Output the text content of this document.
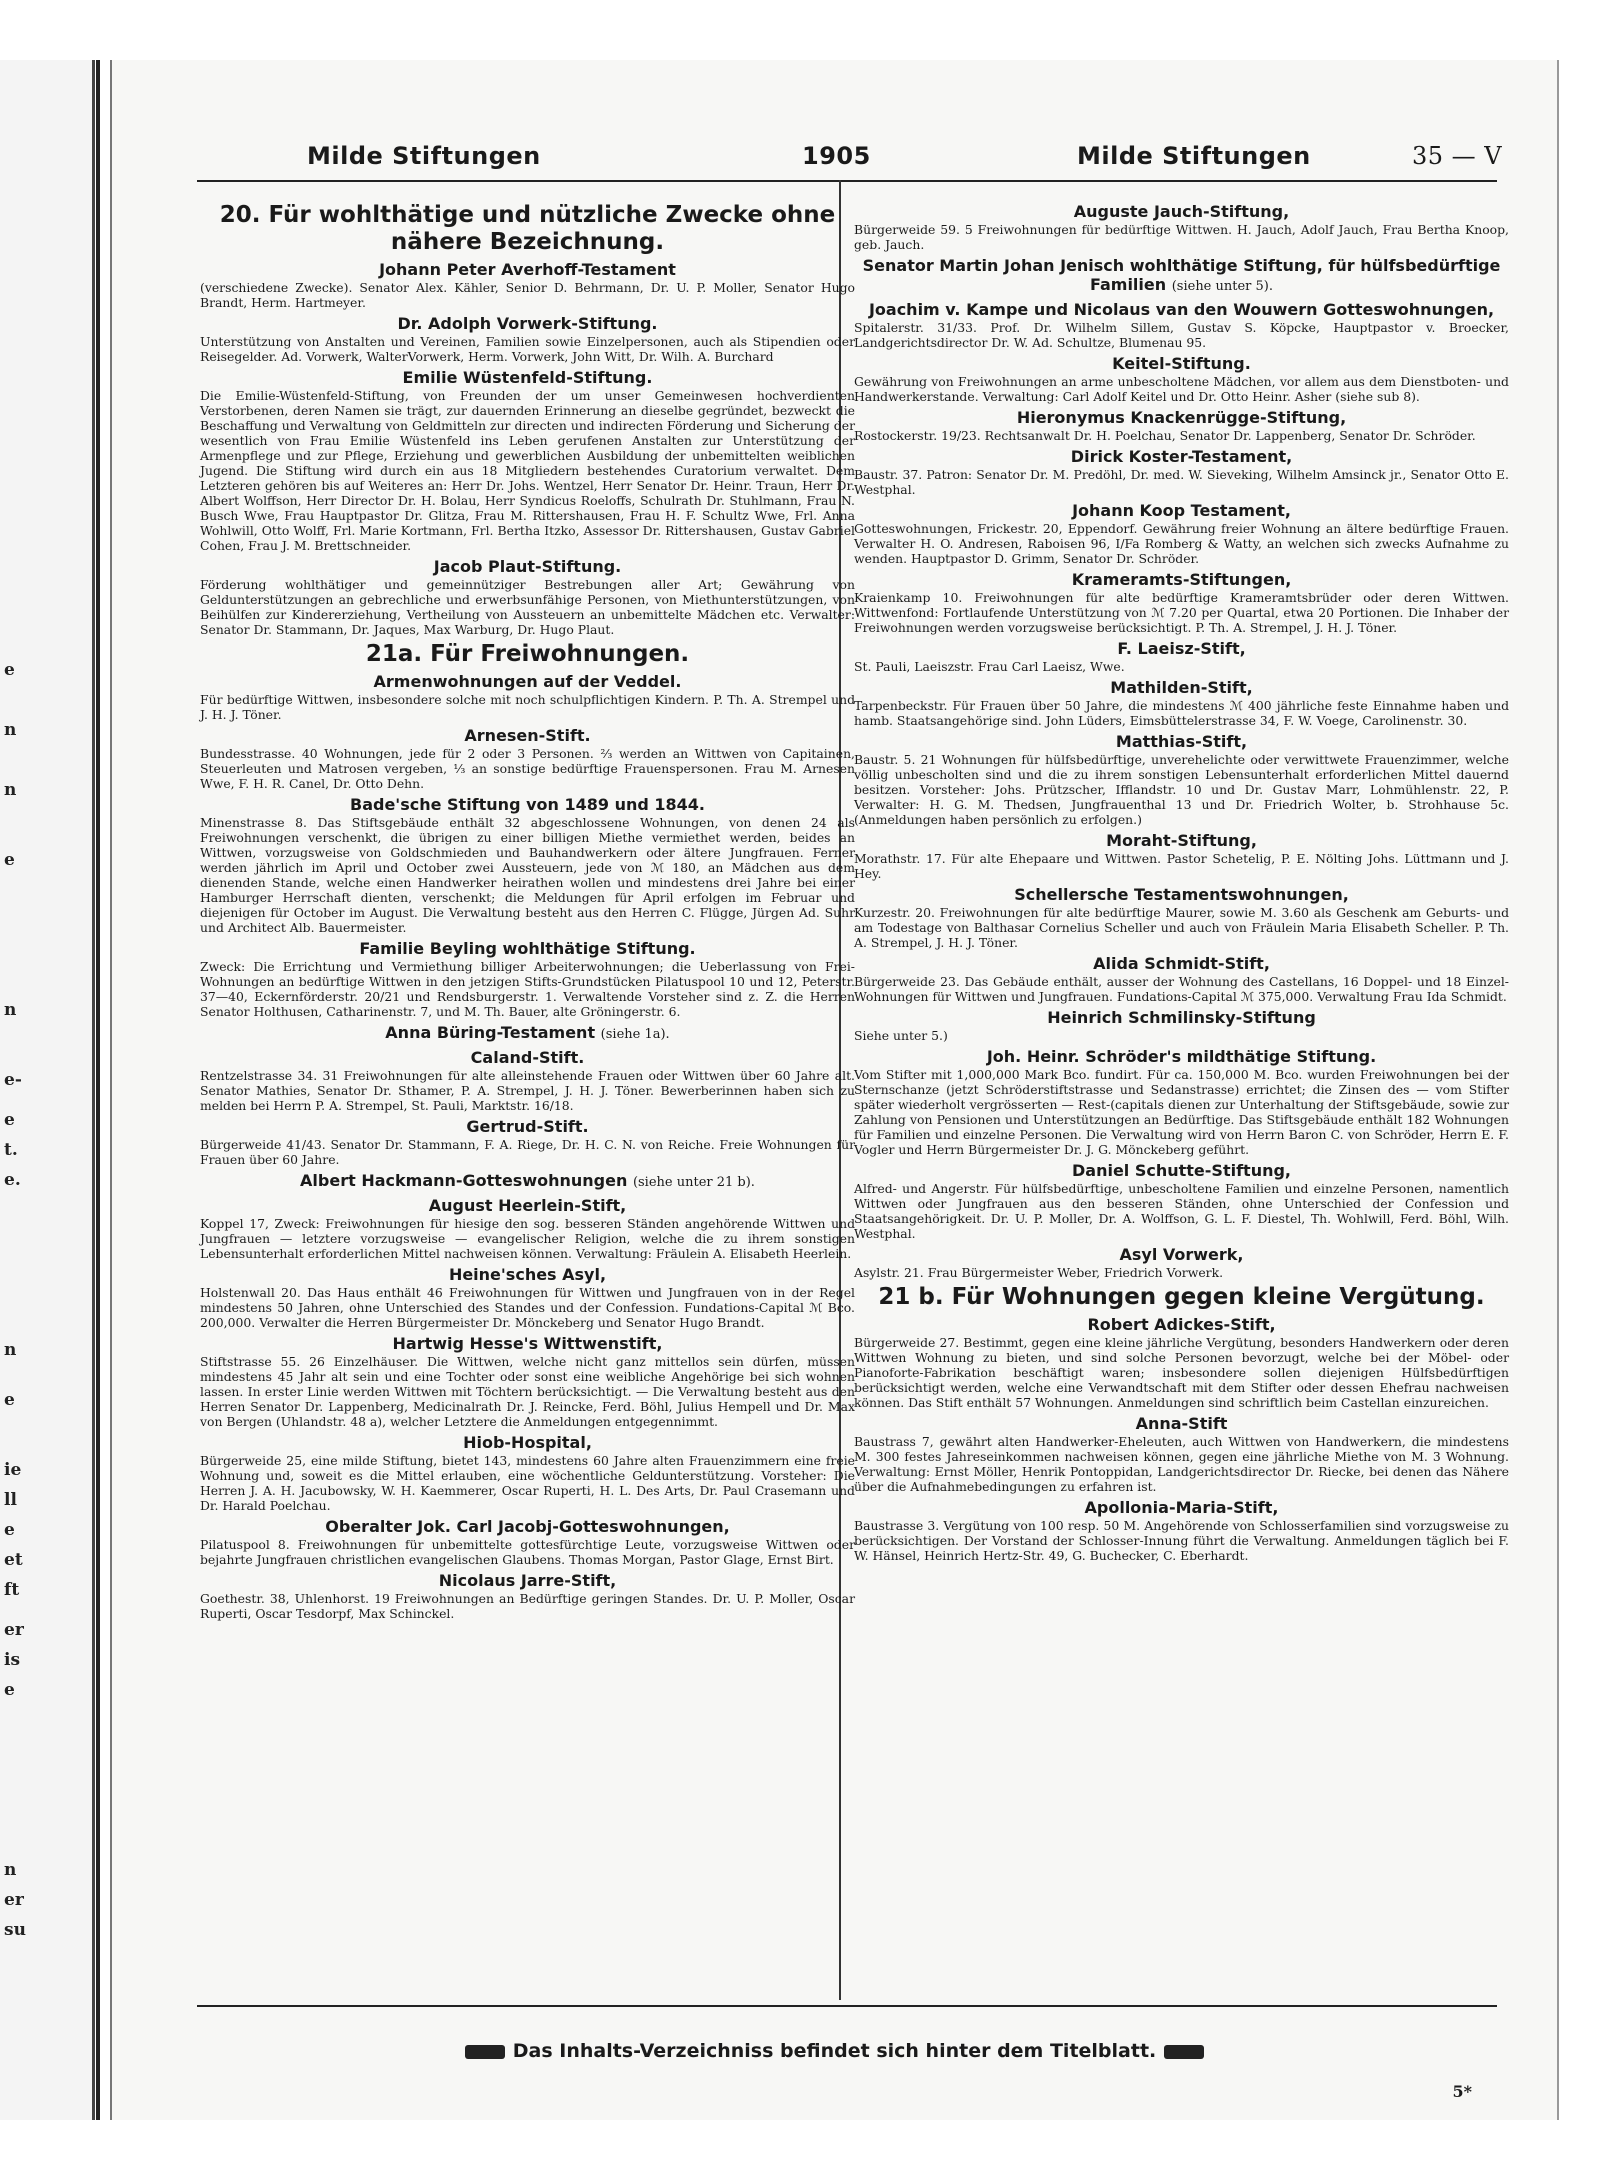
e
n
n
e
n
e-
e
t.
e.
n
e
ie
ll
e
et
ft
er
is
e
n
er
su
Milde Stiftungen	1905	Milde Stiftungen	35 — V
20. Für wohlthätige und nützliche Zwecke ohne nähere Bezeichnung.
Johann Peter Averhoff-Testament

(verschiedene Zwecke). Senator Alex. Kähler, Senior D. Behrmann, Dr. U. P. Moller, Senator Hugo Brandt, Herm. Hartmeyer.

Dr. Adolph Vorwerk-Stiftung.

Unterstützung von Anstalten und Vereinen, Familien sowie Einzelpersonen, auch als Stipendien oder Reisegelder. Ad. Vorwerk, WalterVorwerk, Herm. Vorwerk, John Witt, Dr. Wilh. A. Burchard

Emilie Wüstenfeld-Stiftung.

Die Emilie-Wüstenfeld-Stiftung, von Freunden der um unser Gemeinwesen hochverdienten Verstorbenen, deren Namen sie trägt, zur dauernden Erinnerung an dieselbe gegründet, bezweckt die Beschaffung und Verwaltung von Geldmitteln zur directen und indirecten Förderung und Sicherung der wesentlich von Frau Emilie Wüstenfeld ins Leben gerufenen Anstalten zur Unterstützung der Armenpflege und zur Pflege, Erziehung und gewerblichen Ausbildung der unbemittelten weiblichen Jugend. Die Stiftung wird durch ein aus 18 Mitgliedern bestehendes Curatorium verwaltet. Dem Letzteren gehören bis auf Weiteres an: Herr Dr. Johs. Wentzel, Herr Senator Dr. Heinr. Traun, Herr Dr. Albert Wolffson, Herr Director Dr. H. Bolau, Herr Syndicus Roeloffs, Schulrath Dr. Stuhlmann, Frau N. Busch Wwe, Frau Hauptpastor Dr. Glitza, Frau M. Rittershausen, Frau H. F. Schultz Wwe, Frl. Anna Wohlwill, Otto Wolff, Frl. Marie Kortmann, Frl. Bertha Itzko, Assessor Dr. Rittershausen, Gustav Gabriel Cohen, Frau J. M. Brettschneider.

Jacob Plaut-Stiftung.

Förderung wohlthätiger und gemeinnütziger Bestrebungen aller Art; Gewährung von Geldunterstützungen an gebrechliche und erwerbsunfähige Personen, von Miethunterstützungen, von Beihülfen zur Kindererziehung, Vertheilung von Aussteuern an unbemittelte Mädchen etc. Verwalter: Senator Dr. Stammann, Dr. Jaques, Max Warburg, Dr. Hugo Plaut.

21a. Für Freiwohnungen.
Armenwohnungen auf der Veddel.

Für bedürftige Wittwen, insbesondere solche mit noch schulpflichtigen Kindern. P. Th. A. Strempel und J. H. J. Töner.

Arnesen-Stift.

Bundesstrasse. 40 Wohnungen, jede für 2 oder 3 Personen. ⅔ werden an Wittwen von Capitainen, Steuerleuten und Matrosen vergeben, ⅓ an sonstige bedürftige Frauenspersonen. Frau M. Arnesen Wwe, F. H. R. Canel, Dr. Otto Dehn.

Bade'sche Stiftung von 1489 und 1844.

Minenstrasse 8. Das Stiftsgebäude enthält 32 abgeschlossene Wohnungen, von denen 24 als Freiwohnungen verschenkt, die übrigen zu einer billigen Miethe vermiethet werden, beides an Wittwen, vorzugsweise von Goldschmieden und Bauhandwerkern oder ältere Jungfrauen. Ferner werden jährlich im April und October zwei Aussteuern, jede von ℳ 180, an Mädchen aus dem dienenden Stande, welche einen Handwerker heirathen wollen und mindestens drei Jahre bei einer Hamburger Herrschaft dienten, verschenkt; die Meldungen für April erfolgen im Februar und diejenigen für October im August. Die Verwaltung besteht aus den Herren C. Flügge, Jürgen Ad. Suhr und Architect Alb. Bauermeister.

Familie Beyling wohlthätige Stiftung.

Zweck: Die Errichtung und Vermiethung billiger Arbeiterwohnungen; die Ueberlassung von Frei-Wohnungen an bedürftige Wittwen in den jetzigen Stifts-Grundstücken Pilatuspool 10 und 12, Peterstr. 37—40, Eckernförderstr. 20/21 und Rendsburgerstr. 1. Verwaltende Vorsteher sind z. Z. die Herren Senator Holthusen, Catharinenstr. 7, und M. Th. Bauer, alte Gröningerstr. 6.

Anna Büring-Testament (siehe 1a).
Caland-Stift.

Rentzelstrasse 34. 31 Freiwohnungen für alte alleinstehende Frauen oder Wittwen über 60 Jahre alt. Senator Mathies, Senator Dr. Sthamer, P. A. Strempel, J. H. J. Töner. Bewerberinnen haben sich zu melden bei Herrn P. A. Strempel, St. Pauli, Marktstr. 16/18.

Gertrud-Stift.

Bürgerweide 41/43. Senator Dr. Stammann, F. A. Riege, Dr. H. C. N. von Reiche. Freie Wohnungen für Frauen über 60 Jahre.

Albert Hackmann-Gotteswohnungen (siehe unter 21 b).
August Heerlein-Stift,

Koppel 17, Zweck: Freiwohnungen für hiesige den sog. besseren Ständen angehörende Wittwen und Jungfrauen — letztere vorzugsweise — evangelischer Religion, welche die zu ihrem sonstigen Lebensunterhalt erforderlichen Mittel nachweisen können. Verwaltung: Fräulein A. Elisabeth Heerlein.

Heine'sches Asyl,

Holstenwall 20. Das Haus enthält 46 Freiwohnungen für Wittwen und Jungfrauen von in der Regel mindestens 50 Jahren, ohne Unterschied des Standes und der Confession. Fundations-Capital ℳ Bco. 200,000. Verwalter die Herren Bürgermeister Dr. Mönckeberg und Senator Hugo Brandt.

Hartwig Hesse's Wittwenstift,

Stiftstrasse 55. 26 Einzelhäuser. Die Wittwen, welche nicht ganz mittellos sein dürfen, müssen mindestens 45 Jahr alt sein und eine Tochter oder sonst eine weibliche Angehörige bei sich wohnen lassen. In erster Linie werden Wittwen mit Töchtern berücksichtigt. — Die Verwaltung besteht aus den Herren Senator Dr. Lappenberg, Medicinalrath Dr. J. Reincke, Ferd. Böhl, Julius Hempell und Dr. Max von Bergen (Uhlandstr. 48 a), welcher Letztere die Anmeldungen entgegennimmt.

Hiob-Hospital,

Bürgerweide 25, eine milde Stiftung, bietet 143, mindestens 60 Jahre alten Frauenzimmern eine freie Wohnung und, soweit es die Mittel erlauben, eine wöchentliche Geldunterstützung. Vorsteher: Die Herren J. A. H. Jacubowsky, W. H. Kaemmerer, Oscar Ruperti, H. L. Des Arts, Dr. Paul Crasemann und Dr. Harald Poelchau.

Oberalter Jok. Carl Jacobj-Gotteswohnungen,

Pilatuspool 8. Freiwohnungen für unbemittelte gottesfürchtige Leute, vorzugsweise Wittwen oder bejahrte Jungfrauen christlichen evangelischen Glaubens. Thomas Morgan, Pastor Glage, Ernst Birt.

Nicolaus Jarre-Stift,

Goethestr. 38, Uhlenhorst. 19 Freiwohnungen an Bedürftige geringen Standes. Dr. U. P. Moller, Oscar Ruperti, Oscar Tesdorpf, Max Schinckel.

Auguste Jauch-Stiftung,

Bürgerweide 59. 5 Freiwohnungen für bedürftige Wittwen. H. Jauch, Adolf Jauch, Frau Bertha Knoop, geb. Jauch.

Senator Martin Johan Jenisch wohlthätige Stiftung, für hülfsbedürftige Familien (siehe unter 5).
Joachim v. Kampe und Nicolaus van den Wouwern Gotteswohnungen,

Spitalerstr. 31/33. Prof. Dr. Wilhelm Sillem, Gustav S. Köpcke, Hauptpastor v. Broecker, Landgerichtsdirector Dr. W. Ad. Schultze, Blumenau 95.

Keitel-Stiftung.

Gewährung von Freiwohnungen an arme unbescholtene Mädchen, vor allem aus dem Dienstboten- und Handwerkerstande. Verwaltung: Carl Adolf Keitel und Dr. Otto Heinr. Asher (siehe sub 8).

Hieronymus Knackenrügge-Stiftung,

Rostockerstr. 19/23. Rechtsanwalt Dr. H. Poelchau, Senator Dr. Lappenberg, Senator Dr. Schröder.

Dirick Koster-Testament,

Baustr. 37. Patron: Senator Dr. M. Predöhl, Dr. med. W. Sieveking, Wilhelm Amsinck jr., Senator Otto E. Westphal.

Johann Koop Testament,

Gotteswohnungen, Frickestr. 20, Eppendorf. Gewährung freier Wohnung an ältere bedürftige Frauen. Verwalter H. O. Andresen, Raboisen 96, I/Fa Romberg & Watty, an welchen sich zwecks Aufnahme zu wenden. Hauptpastor D. Grimm, Senator Dr. Schröder.

Krameramts-Stiftungen,

Kraienkamp 10. Freiwohnungen für alte bedürftige Krameramtsbrüder oder deren Wittwen. Wittwenfond: Fortlaufende Unterstützung von ℳ 7.20 per Quartal, etwa 20 Portionen. Die Inhaber der Freiwohnungen werden vorzugsweise berücksichtigt. P. Th. A. Strempel, J. H. J. Töner.

F. Laeisz-Stift,

St. Pauli, Laeiszstr. Frau Carl Laeisz, Wwe.

Mathilden-Stift,

Tarpenbeckstr. Für Frauen über 50 Jahre, die mindestens ℳ 400 jährliche feste Einnahme haben und hamb. Staatsangehörige sind. John Lüders, Eimsbüttelerstrasse 34, F. W. Voege, Carolinenstr. 30.

Matthias-Stift,

Baustr. 5. 21 Wohnungen für hülfsbedürftige, unverehelichte oder verwittwete Frauenzimmer, welche völlig unbescholten sind und die zu ihrem sonstigen Lebensunterhalt erforderlichen Mittel dauernd besitzen. Vorsteher: Johs. Prützscher, Ifflandstr. 10 und Dr. Gustav Marr, Lohmühlenstr. 22, P. Verwalter: H. G. M. Thedsen, Jungfrauenthal 13 und Dr. Friedrich Wolter, b. Strohhause 5c. (Anmeldungen haben persönlich zu erfolgen.)

Moraht-Stiftung,

Morathstr. 17. Für alte Ehepaare und Wittwen. Pastor Schetelig, P. E. Nölting Johs. Lüttmann und J. Hey.

Schellersche Testamentswohnungen,

Kurzestr. 20. Freiwohnungen für alte bedürftige Maurer, sowie M. 3.60 als Geschenk am Geburts- und am Todestage von Balthasar Cornelius Scheller und auch von Fräulein Maria Elisabeth Scheller. P. Th. A. Strempel, J. H. J. Töner.

Alida Schmidt-Stift,

Bürgerweide 23. Das Gebäude enthält, ausser der Wohnung des Castellans, 16 Doppel- und 18 Einzel-Wohnungen für Wittwen und Jungfrauen. Fundations-Capital ℳ 375,000. Verwaltung Frau Ida Schmidt.

Heinrich Schmilinsky-Stiftung

Siehe unter 5.)

Joh. Heinr. Schröder's mildthätige Stiftung.

Vom Stifter mit 1,000,000 Mark Bco. fundirt. Für ca. 150,000 M. Bco. wurden Freiwohnungen bei der Sternschanze (jetzt Schröderstiftstrasse und Sedanstrasse) errichtet; die Zinsen des — vom Stifter später wiederholt vergrösserten — Rest-(capitals dienen zur Unterhaltung der Stiftsgebäude, sowie zur Zahlung von Pensionen und Unterstützungen an Bedürftige. Das Stiftsgebäude enthält 182 Wohnungen für Familien und einzelne Personen. Die Verwaltung wird von Herrn Baron C. von Schröder, Herrn E. F. Vogler und Herrn Bürgermeister Dr. J. G. Mönckeberg geführt.

Daniel Schutte-Stiftung,

Alfred- und Angerstr. Für hülfsbedürftige, unbescholtene Familien und einzelne Personen, namentlich Wittwen oder Jungfrauen aus den besseren Ständen, ohne Unterschied der Confession und Staatsangehörigkeit. Dr. U. P. Moller, Dr. A. Wolffson, G. L. F. Diestel, Th. Wohlwill, Ferd. Böhl, Wilh. Westphal.

Asyl Vorwerk,

Asylstr. 21. Frau Bürgermeister Weber, Friedrich Vorwerk.

21 b. Für Wohnungen gegen kleine Vergütung.
Robert Adickes-Stift,

Bürgerweide 27. Bestimmt, gegen eine kleine jährliche Vergütung, besonders Handwerkern oder deren Wittwen Wohnung zu bieten, und sind solche Personen bevorzugt, welche bei der Möbel- oder Pianoforte-Fabrikation beschäftigt waren; insbesondere sollen diejenigen Hülfsbedürftigen berücksichtigt werden, welche eine Verwandtschaft mit dem Stifter oder dessen Ehefrau nachweisen können. Das Stift enthält 57 Wohnungen. Anmeldungen sind schriftlich beim Castellan einzureichen.

Anna-Stift

Baustrass 7, gewährt alten Handwerker-Eheleuten, auch Wittwen von Handwerkern, die mindestens M. 300 festes Jahreseinkommen nachweisen können, gegen eine jährliche Miethe von M. 3 Wohnung. Verwaltung: Ernst Möller, Henrik Pontoppidan, Landgerichtsdirector Dr. Riecke, bei denen das Nähere über die Aufnahmebedingungen zu erfahren ist.

Apollonia-Maria-Stift,

Baustrasse 3. Vergütung von 100 resp. 50 M. Angehörende von Schlosserfamilien sind vorzugsweise zu berücksichtigen. Der Vorstand der Schlosser-Innung führt die Verwaltung. Anmeldungen täglich bei F. W. Hänsel, Heinrich Hertz-Str. 49, G. Buchecker, C. Eberhardt.

Das Inhalts-Verzeichniss befindet sich hinter dem Titelblatt.
5*
